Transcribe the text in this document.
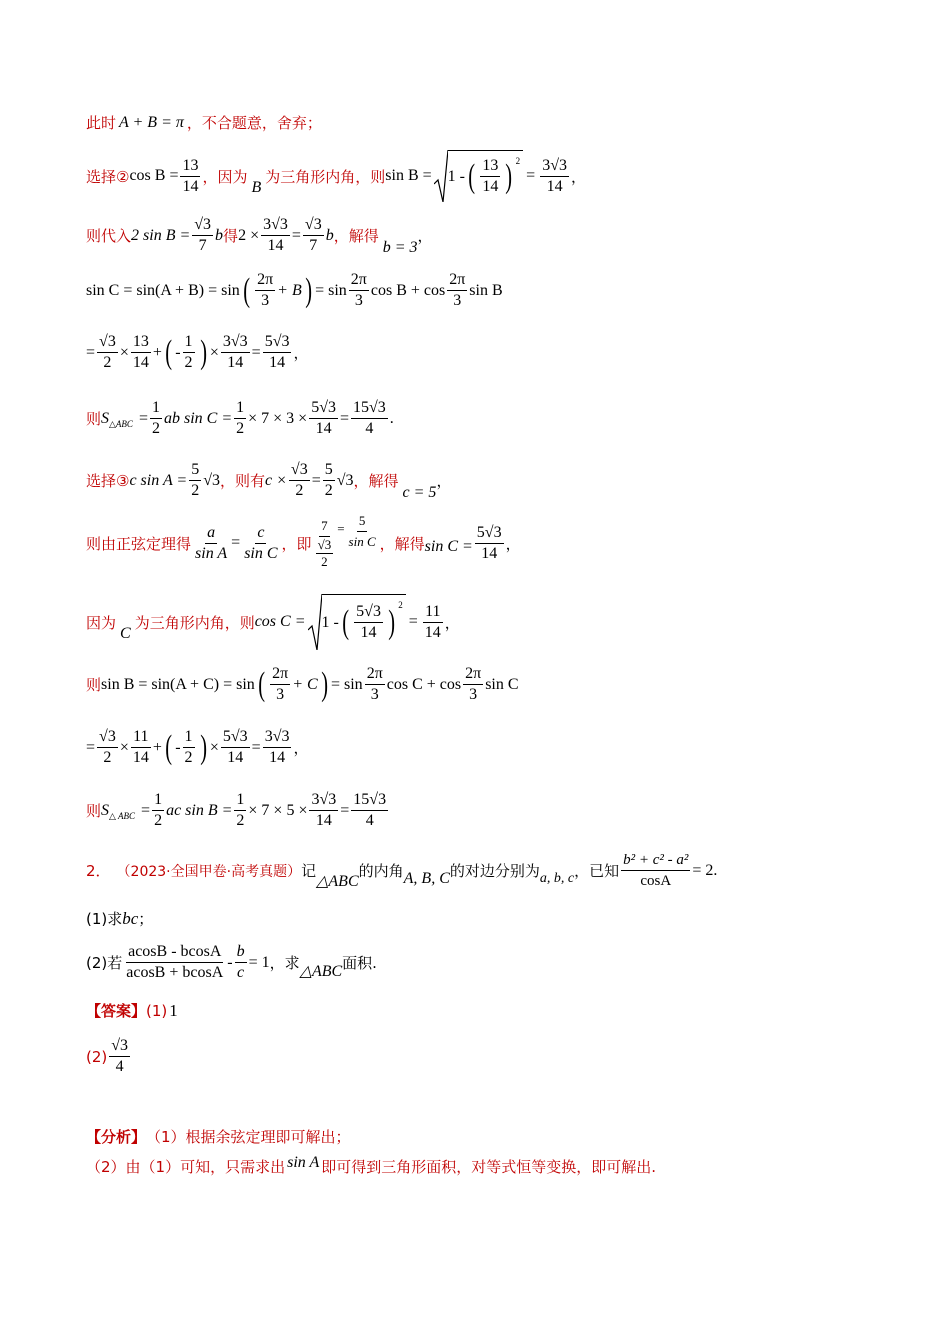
此时 A + B = π ，不合题意，舍弃；
选择② $\cos B = \frac{13}{14}$ ，因为
B
为三角形内角，则 sin B = 1 - ( $\frac{13}{14}$ ) 2
= $\frac{3√3}{14}$ ，
则代入 2 $\sin B = \frac{√3}{7}$ b 得 $2 \times \frac{3√3}{14} = \frac{√3}{7}$ b ，解得
b = 3
，
sin C = sin(A + B) = sin ( $\frac{2\pi}{3} + B$ ) = $\sin \frac{2\pi}{3}$ $\cos B + \cos \frac{2\pi}{3}$ sin B
= $\frac{√3}{2} \times \frac{13}{14}$ + ( - $\frac{1}{2}$ ) × $\frac{3√3}{14} = \frac{5√3}{14}$ ，
则 S △ABC = $\frac{1}{2}$ ab $\sin C = \frac{1}{2} \times 7 \times 3 \times \frac{5√3}{14} = \frac{15√3}{4}$ .
选择③ c $\sin A = \frac{5}{2} √3$ ，则有 $c \times \frac{√3}{2} = \frac{5}{2} √3$ ，解得
c = 5
，
则由正弦定理得 $\frac{a}{\text{sin A}} = \frac{c}{\text{sin C}}$ ，即 $\frac{7}{\frac{√3}{2}} = \frac{5}{\text{sin C}}$ ，解得 $\sin C = \frac{5√3}{14}$ ，
因为
C
为三角形内角，则 cos C = 1 - ( $\frac{5√3}{14}$ ) 2
= $\frac{11}{14}$ ，
则 sin B = sin(A + C) = sin ( $\frac{2\pi}{3} + C$ ) = $\sin \frac{2\pi}{3}$ $\cos C + \cos \frac{2\pi}{3}$ sin C
= $\frac{√3}{2} \times \frac{11}{14}$ + ( - $\frac{1}{2}$ ) × $\frac{5√3}{14} = \frac{3√3}{14}$ ，
则 S △ ABC = $\frac{1}{2}$ ac $\sin B = \frac{1}{2} \times 7 \times 5 \times \frac{3√3}{14} = \frac{15√3}{4}$
2． （2023·全国甲卷·高考真题） 记
△ABC
的内角 A, B, C 的对边分别为 a, b, c ，已知 $\frac{\text{b² + c² - a²}}{\cos A} = 2$ .
(1)求 bc ；
(2)若 $\frac{acosB - bcosA}{acosB + bcosA} - \frac{b}{c} = 1$ ，求 △ABC 面积.
【答案】 (1) 1
$(2) \frac{√3}{4}$
【分析】 （1）根据余弦定理即可解出；
（2）由（1）可知，只需求出 sin A 即可得到三角形面积，对等式恒等变换，即可解出.
